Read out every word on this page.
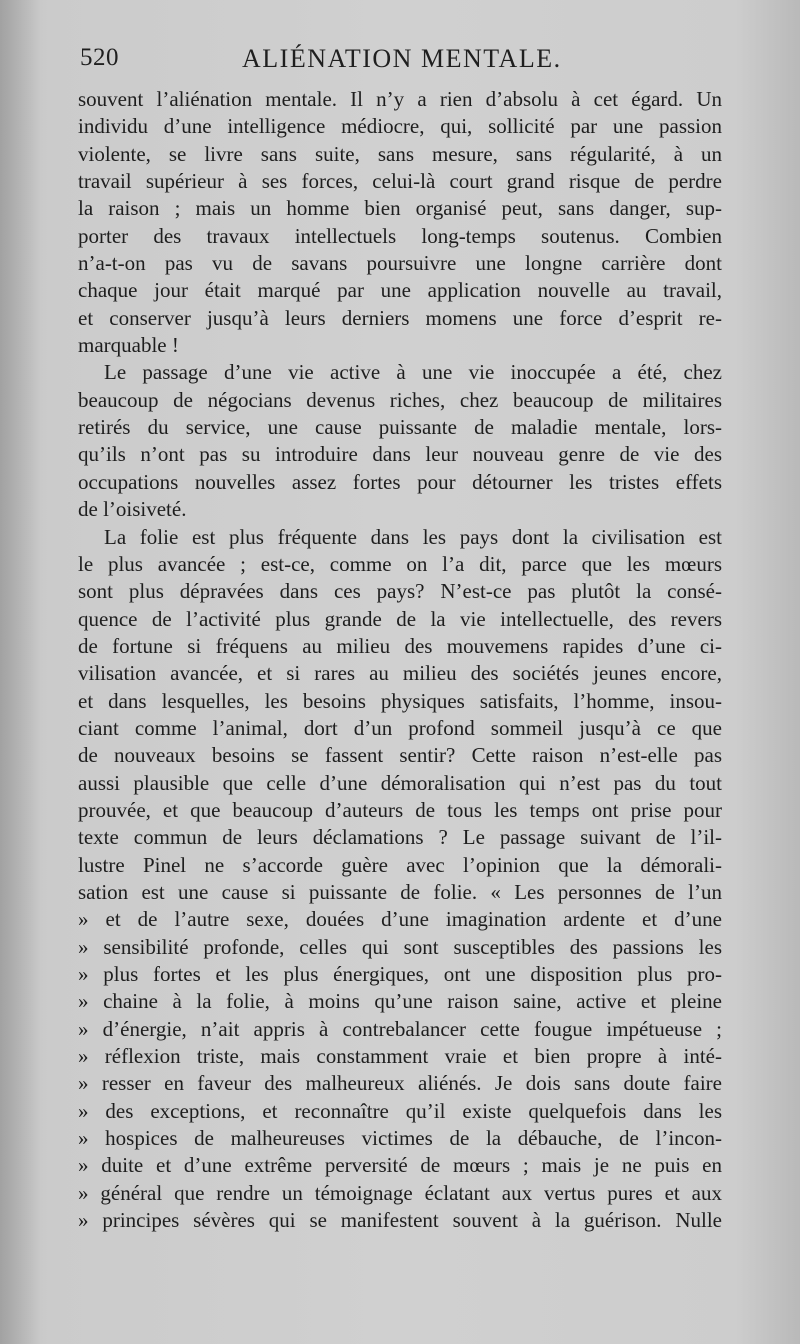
520	ALIÉNATION MENTALE.
souvent l’aliénation mentale. Il n’y a rien d’absolu à cet égard. Un
individu d’une intelligence médiocre, qui, sollicité par une passion
violente, se livre sans suite, sans mesure, sans régularité, à un
travail supérieur à ses forces, celui-là court grand risque de perdre
la raison ; mais un homme bien organisé peut, sans danger, sup-
porter des travaux intellectuels long-temps soutenus. Combien
n’a-t-on pas vu de savans poursuivre une longne carrière dont
chaque jour était marqué par une application nouvelle au travail,
et conserver jusqu’à leurs derniers momens une force d’esprit re-
marquable !
Le passage d’une vie active à une vie inoccupée a été, chez
beaucoup de négocians devenus riches, chez beaucoup de militaires
retirés du service, une cause puissante de maladie mentale, lors-
qu’ils n’ont pas su introduire dans leur nouveau genre de vie des
occupations nouvelles assez fortes pour détourner les tristes effets
de l’oisiveté.
La folie est plus fréquente dans les pays dont la civilisation est
le plus avancée ; est-ce, comme on l’a dit, parce que les mœurs
sont plus dépravées dans ces pays? N’est-ce pas plutôt la consé-
quence de l’activité plus grande de la vie intellectuelle, des revers
de fortune si fréquens au milieu des mouvemens rapides d’une ci-
vilisation avancée, et si rares au milieu des sociétés jeunes encore,
et dans lesquelles, les besoins physiques satisfaits, l’homme, insou-
ciant comme l’animal, dort d’un profond sommeil jusqu’à ce que
de nouveaux besoins se fassent sentir? Cette raison n’est-elle pas
aussi plausible que celle d’une démoralisation qui n’est pas du tout
prouvée, et que beaucoup d’auteurs de tous les temps ont prise pour
texte commun de leurs déclamations ? Le passage suivant de l’il-
lustre Pinel ne s’accorde guère avec l’opinion que la démorali-
sation est une cause si puissante de folie. « Les personnes de l’un
» et de l’autre sexe, douées d’une imagination ardente et d’une
» sensibilité profonde, celles qui sont susceptibles des passions les
» plus fortes et les plus énergiques, ont une disposition plus pro-
» chaine à la folie, à moins qu’une raison saine, active et pleine
» d’énergie, n’ait appris à contrebalancer cette fougue impétueuse ;
» réflexion triste, mais constamment vraie et bien propre à inté-
» resser en faveur des malheureux aliénés. Je dois sans doute faire
» des exceptions, et reconnaître qu’il existe quelquefois dans les
» hospices de malheureuses victimes de la débauche, de l’incon-
» duite et d’une extrême perversité de mœurs ; mais je ne puis en
» général que rendre un témoignage éclatant aux vertus pures et aux
» principes sévères qui se manifestent souvent à la guérison. Nulle
